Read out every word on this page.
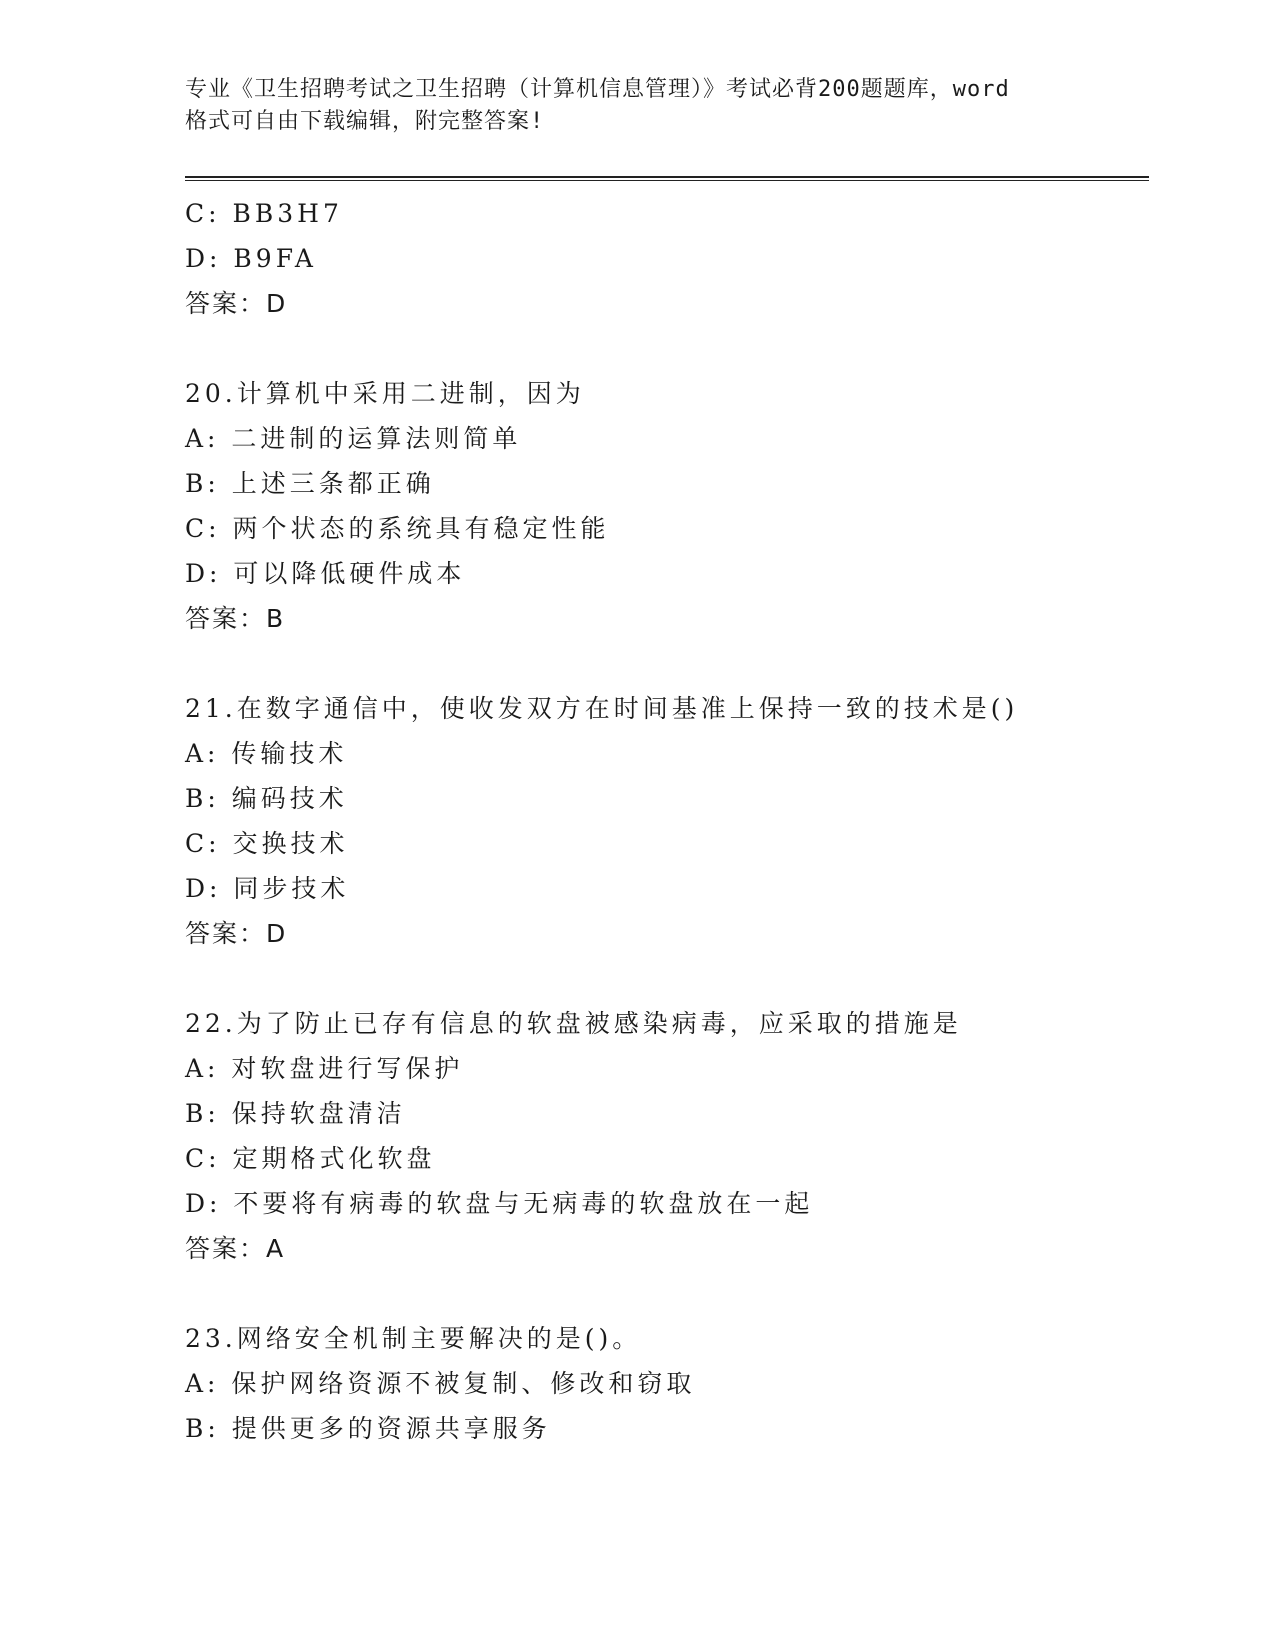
专业《卫生招聘考试之卫生招聘（计算机信息管理）》考试必背200题题库，word
格式可自由下载编辑，附完整答案!
C: BB3H7
D: B9FA
答案：D
20.计算机中采用二进制，因为
A: 二进制的运算法则简单
B: 上述三条都正确
C: 两个状态的系统具有稳定性能
D: 可以降低硬件成本
答案：B
21.在数字通信中，使收发双方在时间基准上保持一致的技术是()
A: 传输技术
B: 编码技术
C: 交换技术
D: 同步技术
答案：D
22.为了防止已存有信息的软盘被感染病毒，应采取的措施是
A: 对软盘进行写保护
B: 保持软盘清洁
C: 定期格式化软盘
D: 不要将有病毒的软盘与无病毒的软盘放在一起
答案：A
23.网络安全机制主要解决的是()。
A: 保护网络资源不被复制、修改和窃取
B: 提供更多的资源共享服务
